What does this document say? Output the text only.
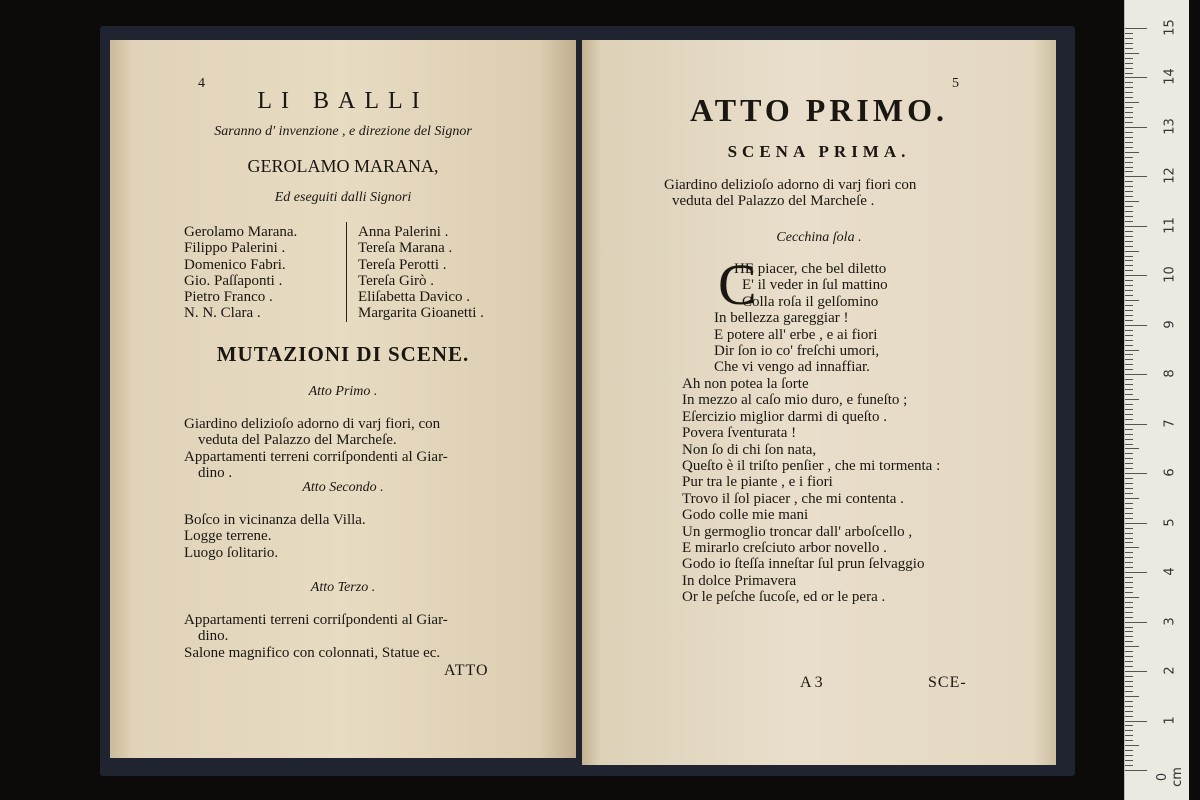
4
LI BALLI
Saranno d' invenzione , e direzione del Signor
GEROLAMO MARANA,
Ed eseguiti dalli Signori
Gerolamo Marana.
Filippo Palerini .
Domenico Fabri.
Gio. Paſſaponti .
Pietro Franco .
N. N. Clara .
Anna Palerini .
Tereſa Marana .
Tereſa Perotti .
Tereſa Girò .
Eliſabetta Davico .
Margarita Gioanetti .
MUTAZIONI DI SCENE.
Atto Primo .
Giardino delizioſo adorno di varj fiori, con
veduta del Palazzo del Marcheſe.
Appartamenti terreni corriſpondenti al Giar-
dino .
Atto Secondo .
Boſco in vicinanza della Villa.
Logge terrene.
Luogo ſolitario.
Atto Terzo .
Appartamenti terreni corriſpondenti al Giar-
dino.
Salone magnifico con colonnati, Statue ec.
ATTO
5
ATTO PRIMO.
SCENA PRIMA.
Giardino delizioſo adorno di varj fiori con
veduta del Palazzo del Marcheſe .
Cecchina ſola .
HE piacer, che bel diletto
E' il veder in ſul mattino
Colla roſa il gelſomino
In bellezza gareggiar !
E potere all' erbe , e ai fiori
Dir ſon io co' freſchi umori,
Che vi vengo ad innaffiar.
Ah non potea la ſorte
In mezzo al caſo mio duro, e funeſto ;
Eſercizio miglior darmi di queſto .
Povera ſventurata !
Non ſo di chi ſon nata,
Queſto è il triſto penſier , che mi tormenta :
Pur tra le piante , e i fiori
Trovo il ſol piacer , che mi contenta .
Godo colle mie mani
Un germoglio troncar dall' arboſcello ,
E mirarlo creſciuto arbor novello .
Godo io ſteſſa inneſtar ſul prun ſelvaggio
In dolce Primavera
Or le peſche ſucoſe, ed or le pera .
A 3	SCE-
C
1
2
3
4
5
6
7
8
9
10
11
12
13
14
15
0 cm
